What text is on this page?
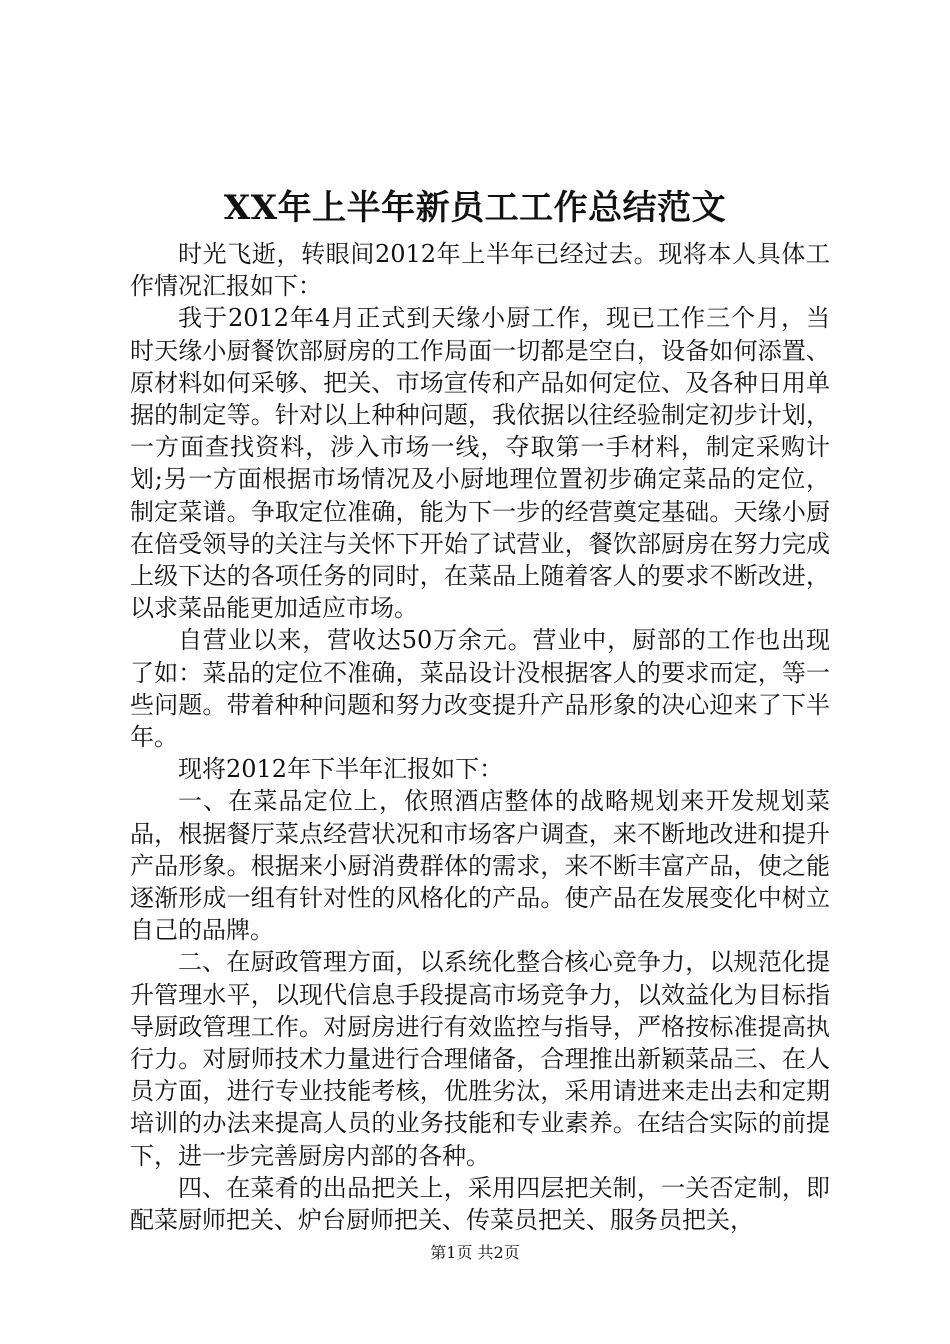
XX年上半年新员工工作总结范文

时光飞逝，转眼间2012年上半年已经过去。现将本人具体工作情况汇报如下：

我于2012年4月正式到天缘小厨工作，现已工作三个月，当时天缘小厨餐饮部厨房的工作局面一切都是空白，设备如何添置、原材料如何采够、把关、市场宣传和产品如何定位、及各种日用单据的制定等。针对以上种种问题，我依据以往经验制定初步计划，一方面查找资料，涉入市场一线，夺取第一手材料，制定采购计划;另一方面根据市场情况及小厨地理位置初步确定菜品的定位，制定菜谱。争取定位准确，能为下一步的经营奠定基础。天缘小厨在倍受领导的关注与关怀下开始了试营业，餐饮部厨房在努力完成上级下达的各项任务的同时，在菜品上随着客人的要求不断改进，以求菜品能更加适应市场。

自营业以来，营收达50万余元。营业中，厨部的工作也出现了如：菜品的定位不准确，菜品设计没根据客人的要求而定，等一些问题。带着种种问题和努力改变提升产品形象的决心迎来了下半年。

现将2012年下半年汇报如下：

一、在菜品定位上，依照酒店整体的战略规划来开发规划菜品，根据餐厅菜点经营状况和市场客户调查，来不断地改进和提升产品形象。根据来小厨消费群体的需求，来不断丰富产品，使之能逐渐形成一组有针对性的风格化的产品。使产品在发展变化中树立自己的品牌。

二、在厨政管理方面，以系统化整合核心竞争力，以规范化提升管理水平，以现代信息手段提高市场竞争力，以效益化为目标指导厨政管理工作。对厨房进行有效监控与指导，严格按标准提高执行力。对厨师技术力量进行合理储备，合理推出新颖菜品三、在人员方面，进行专业技能考核，优胜劣汰，采用请进来走出去和定期培训的办法来提高人员的业务技能和专业素养。在结合实际的前提下，进一步完善厨房内部的各种。

四、在菜肴的出品把关上，采用四层把关制，一关否定制，即配菜厨师把关、炉台厨师把关、传菜员把关、服务员把关，

第1页 共2页
